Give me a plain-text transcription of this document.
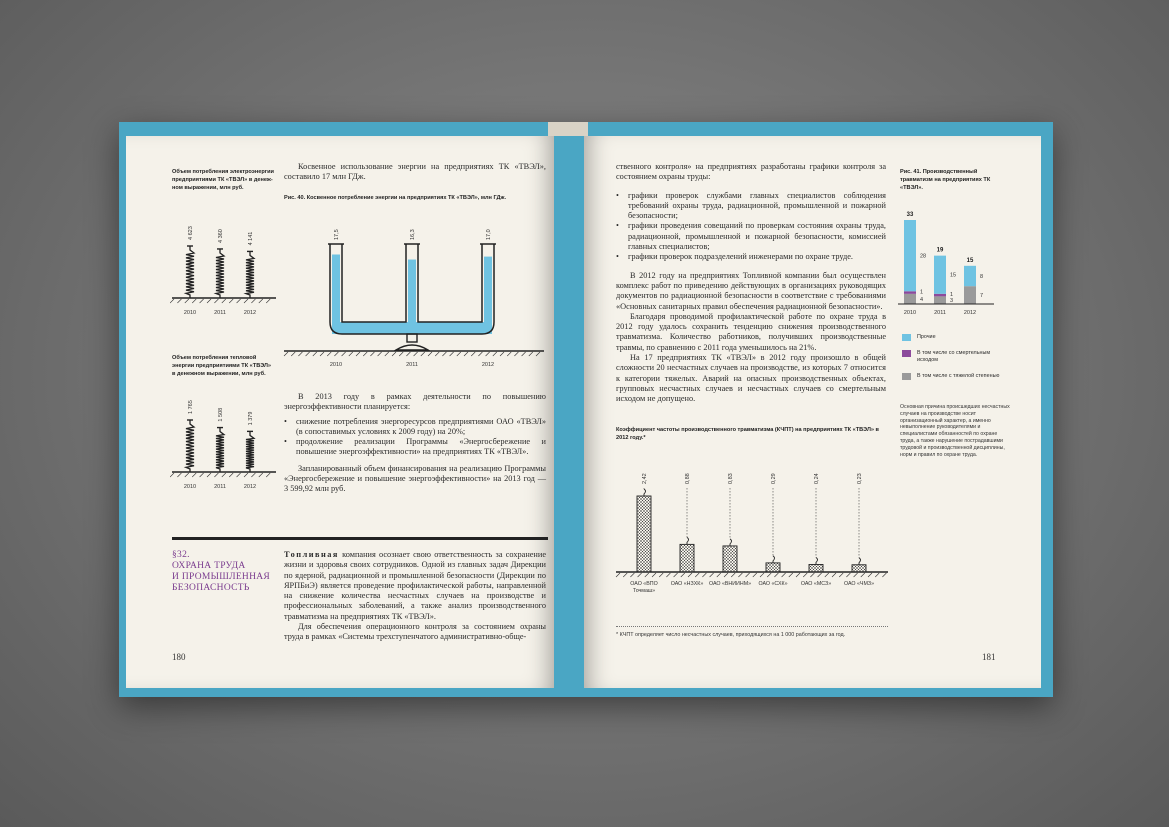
Объем потребления электроэнергии предприятиями ТК «ТВЭЛ» в денеж-ном выражении, млн руб.
4 623
2010
4 360
2011
4 141
2012
Объем потребления тепловой энергии предприятиями ТК «ТВЭЛ» в денежном выражении, млн руб.
1 765
2010
1 508
2011
1 379
2012

Косвенное использование энергии на предприятиях ТК «ТВЭЛ», составило 17 млн ГДж.

Рис. 40. Косвенное потребление энергии на предприятиях ТК «ТВЭЛ», млн ГДж.
17,5
2010
16,3
2011
17,0
2012

В 2013 году в рамках деятельности по повышению энергоэффективности планируется:

• снижение потребления энергоресурсов предприятиями ОАО «ТВЭЛ» (в сопоставимых условиях к 2009 году) на 20%;
• продолжение реализации Программы «Энергосбережение и повышение энергоэффективности» на предприятиях ТК «ТВЭЛ».

Запланированный объем финансирования на реализацию Программы «Энергосбережение и повышение энергоэффективности» на 2013 год — 3 599,92 млн руб.

§32.
ОХРАНА ТРУДА
И ПРОМЫШЛЕННАЯ
БЕЗОПАСНОСТЬ

Топливная компания осознает свою ответственность за сохранение жизни и здоровья своих сотрудников. Одной из главных задач Дирекции по ядерной, радиационной и промышленной безопасности (Дирекции по ЯРПБиЭ) является проведение профилактической работы, направленной на снижение количества несчастных случаев на производстве и профессиональных заболеваний, а также анализ производственного травматизма на предприятиях ТК «ТВЭЛ».

Для обеспечения операционного контроля за состоянием охраны труда в рамках «Системы трехступенчатого административно-обще-

180

ственного контроля» на предприятиях разработаны графики контроля за состоянием охраны труды:

• графики проверок службами главных специалистов соблюдения требований охраны труда, радиационной, промышленной и пожарной безопасности;
• графики проведения совещаний по проверкам состояния охраны труда, радиационной, промышленной и пожарной безопасности, комиссией главных специалистов;
• графики проверок подразделений инженерами по охране труде.

В 2012 году на предприятиях Топливной компании был осуществлен комплекс работ по приведению действующих в организациях руководящих документов по радиационной безопасности в соответствие с требованиями «Основных санитарных правил обеспечения радиационной безопасности».

Благодаря проводимой профилактической работе по охране труда в 2012 году удалось сохранить тенденцию снижения производственного травматизма. Количество работников, получивших производственные травмы, по сравнению с 2011 года уменьшилось на 21%.

На 17 предприятиях ТК «ТВЭЛ» в 2012 году произошло в общей сложности 20 несчастных случаев на производстве, из которых 7 относится к категории тяжелых. Аварий на опасных производственных объектах, групповых несчастных случаев и несчастных случаев со смертельным исходом не допущено.

Коэффициент частоты производственного травматизма (КЧПТ) на предприятиях ТК «ТВЭЛ» в 2012 году.*
2,42
ОАО «ВПО
Точмаш»
0,88
ОАО «НЗХК»
0,83
ОАО «ВНИИНМ»
0,29
ОАО «СХК»
0,24
ОАО «МСЗ»
0,23
ОАО «ЧМЗ»
* КЧПТ определяет число несчастных случаев, приходящихся на 1 000 работающих за год.
Рис. 41. Производственный травматизм на предприятиях ТК «ТВЭЛ».
4
1
28
33
2010
3
1
15
19
2011
7
8
15
2012
Прочие
В том числе со смертельным исходом
В том числе с тяжелой степенью
Основная причина происшедших несчастных случаев на производстве носит организационный характер, а именно невыполнение руководителями и специалистами обязанностей по охране труда, а также нарушение пострадавшими трудовой и производственной дисциплины, норм и правил по охране труда.
181
